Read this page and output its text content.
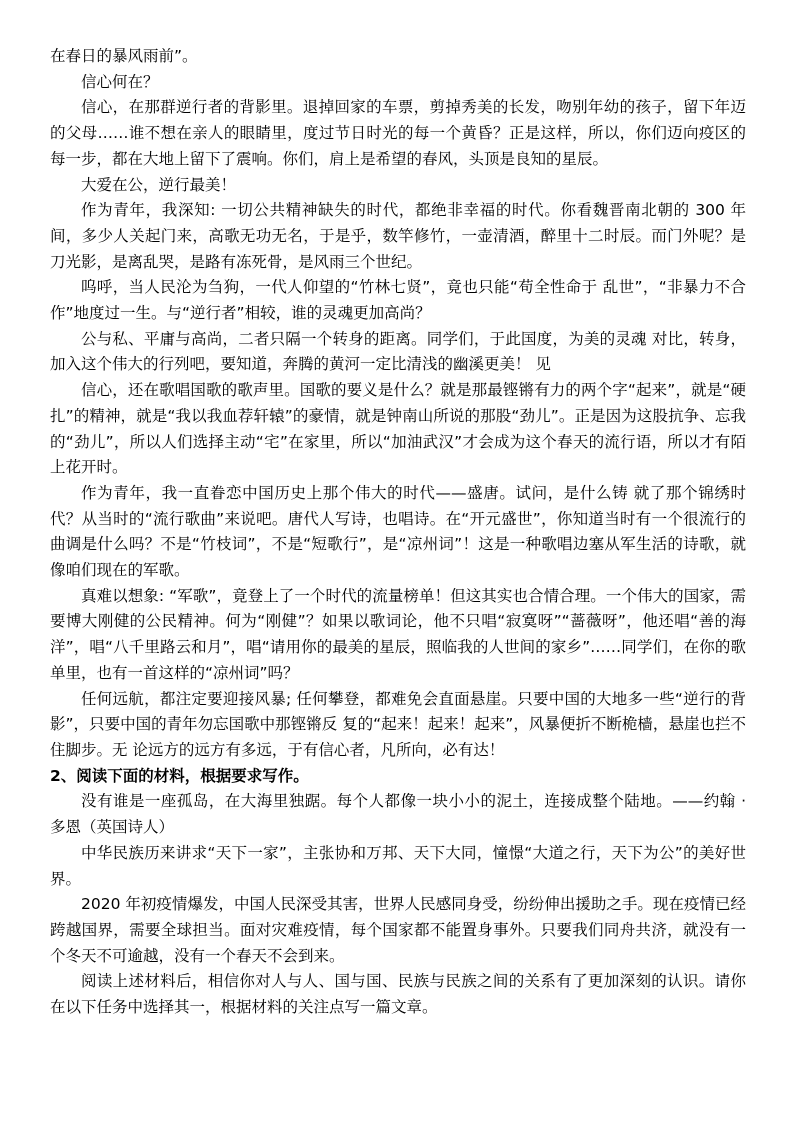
在春日的暴风雨前”。

信心何在？

信心，在那群逆行者的背影里。退掉回家的车票，剪掉秀美的长发，吻别年幼的孩子，留下年迈的父母……谁不想在亲人的眼睛里，度过节日时光的每一个黄昏？正是这样，所以，你们迈向疫区的每一步，都在大地上留下了震响。你们，肩上是希望的春风，头顶是良知的星辰。

大爱在公，逆行最美！

作为青年，我深知: 一切公共精神缺失的时代，都绝非幸福的时代。你看魏晋南北朝的 300 年间，多少人关起门来，高歌无功无名，于是乎，数竿修竹，一壶清酒，醉里十二时辰。而门外呢？是刀光影，是离乱哭，是路有冻死骨，是风雨三个世纪。

呜呼，当人民沦为刍狗，一代人仰望的“竹林七贤”，竟也只能“苟全性命于 乱世”，“非暴力不合作”地度过一生。与“逆行者”相较，谁的灵魂更加高尚？

公与私、平庸与高尚，二者只隔一个转身的距离。同学们，于此国度，为美的灵魂 对比，转身，加入这个伟大的行列吧，要知道，奔腾的黄河一定比清浅的幽溪更美！ 见

信心，还在歌唱国歌的歌声里。国歌的要义是什么？就是那最铿锵有力的两个字“起来”，就是“硬扎”的精神，就是“我以我血荐轩辕”的豪情，就是钟南山所说的那股“劲儿”。正是因为这股抗争、忘我的“劲儿”，所以人们选择主动“宅”在家里，所以“加油武汉”才会成为这个春天的流行语，所以才有陌上花开时。

作为青年，我一直眷恋中国历史上那个伟大的时代——盛唐。试问，是什么铸 就了那个锦绣时代？从当时的“流行歌曲”来说吧。唐代人写诗，也唱诗。在“开元盛世”，你知道当时有一个很流行的曲调是什么吗？不是“竹枝词”，不是“短歌行”，是“凉州词”！这是一种歌唱边塞从军生活的诗歌，就像咱们现在的军歌。

真难以想象: “军歌”，竟登上了一个时代的流量榜单！但这其实也合情合理。一个伟大的国家，需要博大刚健的公民精神。何为“刚健”？如果以歌词论，他不只唱“寂寞呀”“蔷薇呀”，他还唱“善的海洋”，唱“八千里路云和月”，唱“请用你的最美的星辰，照临我的人世间的家乡”……同学们，在你的歌单里，也有一首这样的“凉州词”吗？

任何远航，都注定要迎接风暴; 任何攀登，都难免会直面悬崖。只要中国的大地多一些“逆行的背影”，只要中国的青年勿忘国歌中那铿锵反 复的“起来！起来！起来”，风暴便折不断桅樯，悬崖也拦不住脚步。无 论远方的远方有多远，于有信心者，凡所向，必有达！

2、阅读下面的材料，根据要求写作。

没有谁是一座孤岛，在大海里独踞。每个人都像一块小小的泥土，连接成整个陆地。——约翰 · 多恩（英国诗人）

中华民族历来讲求“天下一家”，主张协和万邦、天下大同，憧憬“大道之行，天下为公”的美好世界。

2020 年初疫情爆发，中国人民深受其害，世界人民感同身受，纷纷伸出援助之手。现在疫情已经跨越国界，需要全球担当。面对灾难疫情，每个国家都不能置身事外。只要我们同舟共济，就没有一个冬天不可逾越，没有一个春天不会到来。

阅读上述材料后，相信你对人与人、国与国、民族与民族之间的关系有了更加深刻的认识。请你在以下任务中选择其一，根据材料的关注点写一篇文章。
